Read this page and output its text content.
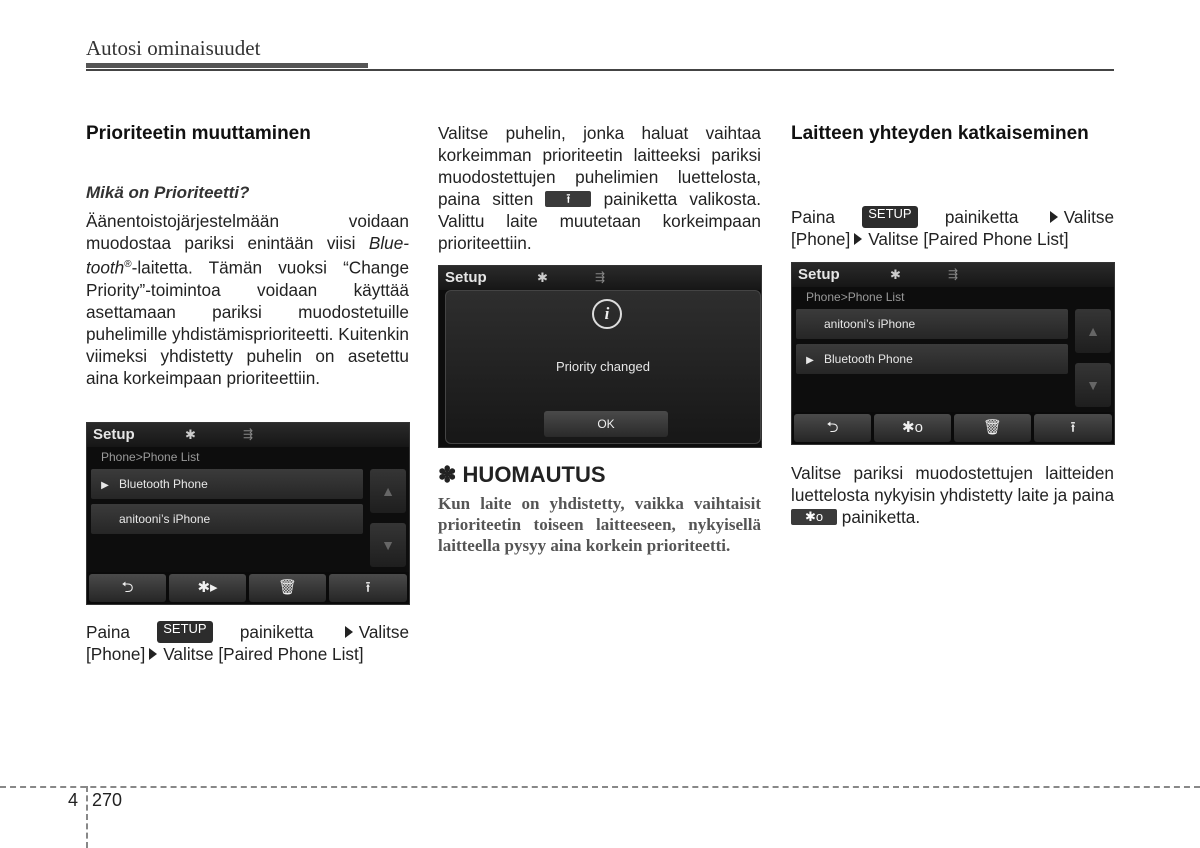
Autosi ominaisuudet
Prioriteetin muuttaminen
Mikä on Prioriteetti?
Äänentoistojärjestelmään voidaan muodostaa pariksi enintään viisi Blue-tooth®-laitetta. Tämän vuoksi “Change Priority”-toimintoa voidaan käyttää asettamaan pariksi muodostetuille puhelimille yhdistämisprioriteetti. Kuitenkin viimeksi yhdistetty puhelin on asetettu aina korkeimpaan prioriteettiin.
Setup	✱	⇶
Phone>Phone List
▶ Bluetooth Phone
anitooni’s iPhone
▲
▼
⮌	✱▸	🗑	⭱
Paina	SETUP	painiketta	Valitse
[Phone] Valitse [Paired Phone List]
Valitse puhelin, jonka haluat vaihtaa korkeimman prioriteetin laitteeksi pariksi muodostettujen puhelimien luettelosta, paina sitten	⭱ painiketta valikosta. Valittu laite muutetaan korkeimpaan prioriteettiin.
Setup	✱	⇶
i
Priority changed
OK
✽ HUOMAUTUS
Kun laite on yhdistetty, vaikka vaihtaisit prioriteetin toiseen laitteeseen, nykyisellä laitteella pysyy aina korkein prioriteetti.
Laitteen yhteyden katkaiseminen
Paina	SETUP	painiketta	Valitse
[Phone] Valitse [Paired Phone List]
Setup	✱	⇶
Phone>Phone List
anitooni’s iPhone
▶ Bluetooth Phone
▲
▼
⮌	✱o	🗑	⭱
Valitse pariksi muodostettujen laitteiden luettelosta nykyisin yhdistetty laite ja paina ✱o painiketta.
4 270
